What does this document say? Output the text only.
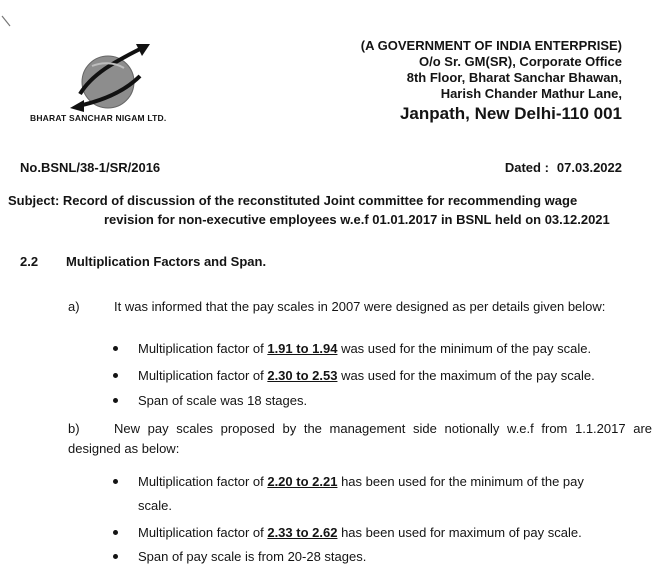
BHARAT SANCHAR NIGAM LTD.
(A GOVERNMENT OF INDIA ENTERPRISE)
O/o Sr. GM(SR), Corporate Office
8th Floor, Bharat Sanchar Bhawan,
Harish Chander Mathur Lane,
Janpath, New Delhi-110 001
No.BSNL/38-1/SR/2016	Dated : 07.03.2022
Subject: Record of discussion of the reconstituted Joint committee for recommending wage
revision for non-executive employees w.e.f 01.01.2017 in BSNL held on 03.12.2021
2.2 Multiplication Factors and Span.
a)	It was informed that the pay scales in 2007 were designed as per details given below:
Multiplication factor of 1.91 to 1.94 was used for the minimum of the pay scale.
Multiplication factor of 2.30 to 2.53 was used for the maximum of the pay scale.
Span of scale was 18 stages.
b)	New pay scales proposed by the management side notionally w.e.f from 1.1.2017 are designed as below:
Multiplication factor of 2.20 to 2.21 has been used for the minimum of the pay
scale.
Multiplication factor of 2.33 to 2.62 has been used for maximum of pay scale.
Span of pay scale is from 20-28 stages.
